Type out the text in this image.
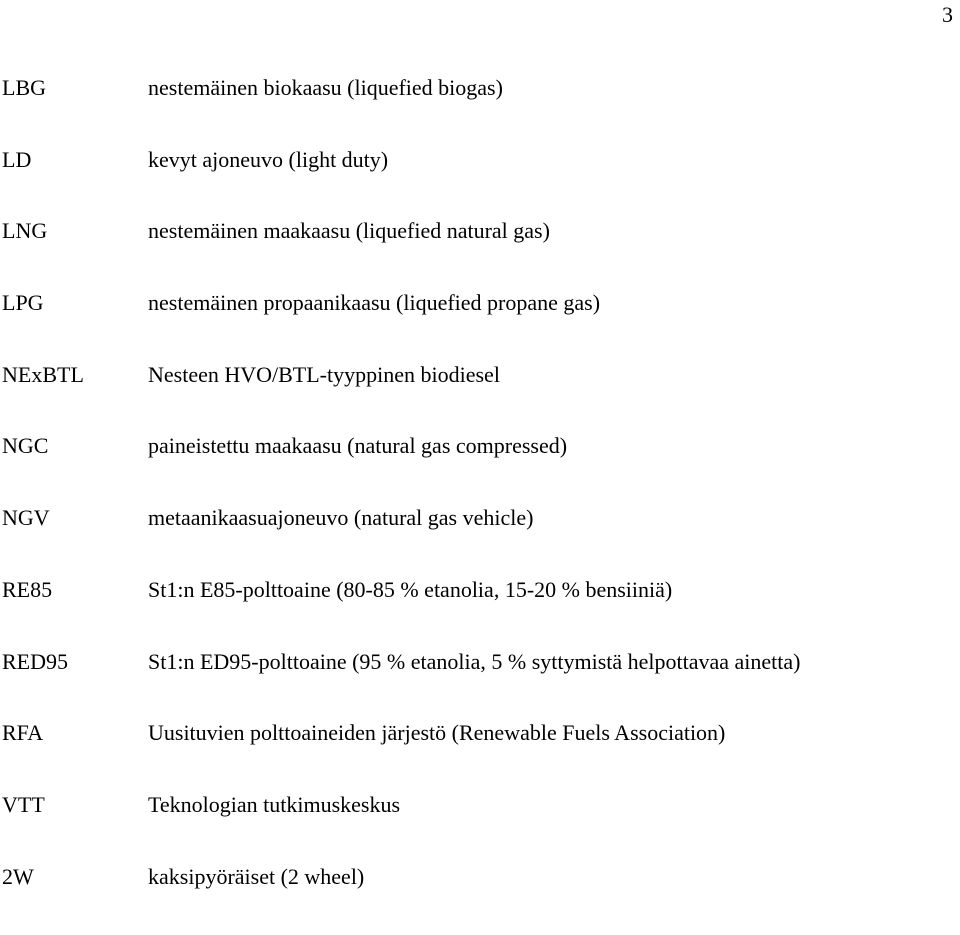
3
LBG	nestemäinen biokaasu (liquefied biogas)
LD	kevyt ajoneuvo (light duty)
LNG	nestemäinen maakaasu (liquefied natural gas)
LPG	nestemäinen propaanikaasu (liquefied propane gas)
NExBTL	Nesteen HVO/BTL-tyyppinen biodiesel
NGC	paineistettu maakaasu (natural gas compressed)
NGV	metaanikaasuajoneuvo (natural gas vehicle)
RE85	St1:n E85-polttoaine (80-85 % etanolia, 15-20 % bensiiniä)
RED95	St1:n ED95-polttoaine (95 % etanolia, 5 % syttymistä helpottavaa ainetta)
RFA	Uusituvien polttoaineiden järjestö (Renewable Fuels Association)
VTT	Teknologian tutkimuskeskus
2W	kaksipyöräiset (2 wheel)
